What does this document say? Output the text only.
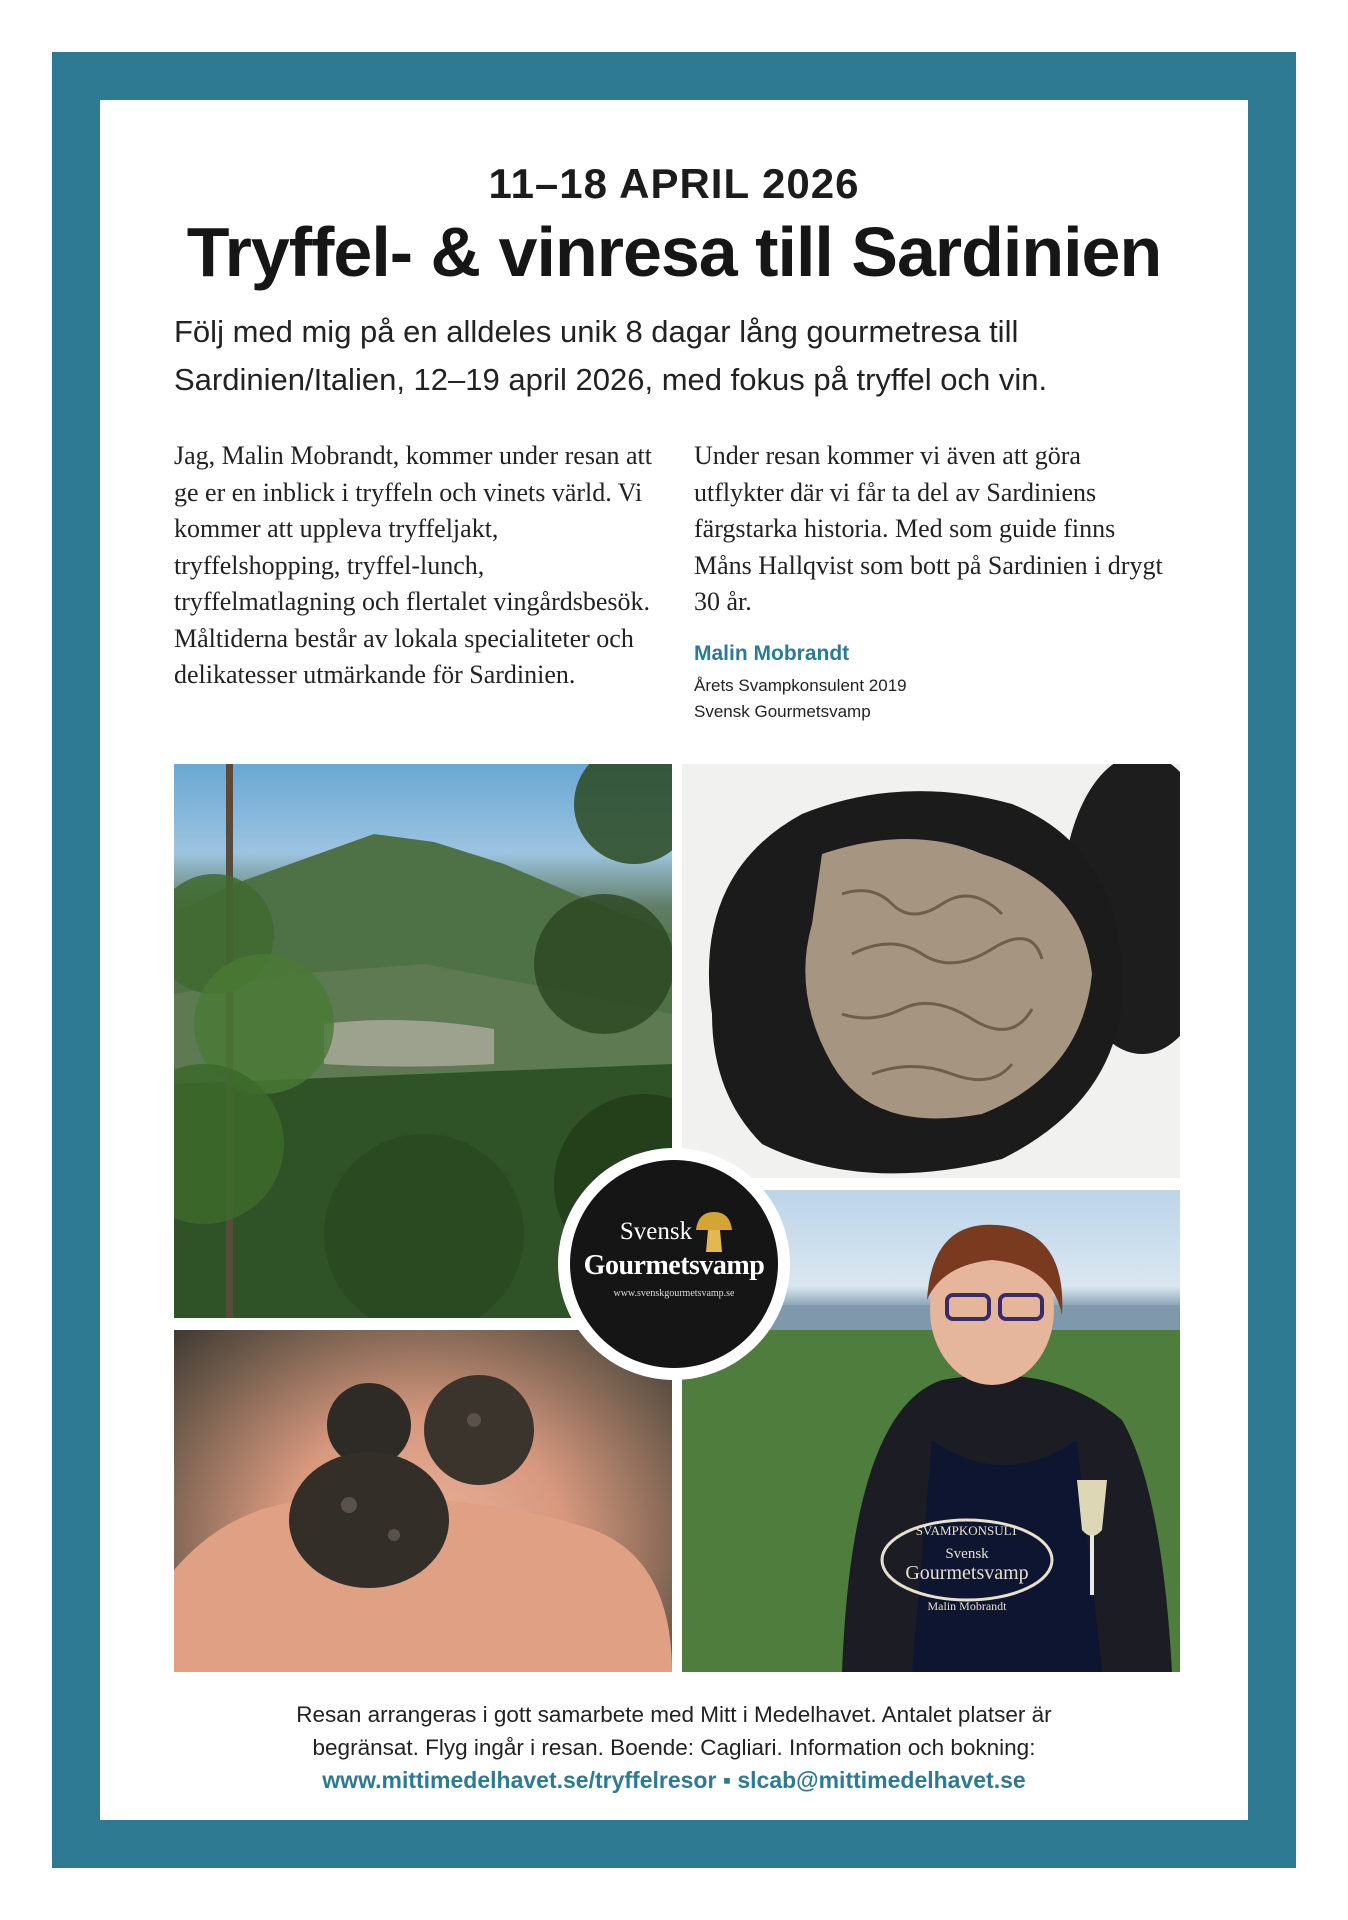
11–18 APRIL 2026
Tryffel- & vinresa till Sardinien
Följ med mig på en alldeles unik 8 dagar lång gourmetresa till Sardinien/Italien, 12–19 april 2026, med fokus på tryffel och vin.
Jag, Malin Mobrandt, kommer under resan att ge er en inblick i tryffeln och vinets värld. Vi kommer att uppleva tryffeljakt, tryffelshopping, tryffel-lunch, tryffelmatlagning och flertalet vingårdsbesök. Måltiderna består av lokala specialiteter och delikatesser utmärkande för Sardinien.
Under resan kommer vi även att göra utflykter där vi får ta del av Sardiniens färgstarka historia. Med som guide finns Måns Hallqvist som bott på Sardinien i drygt 30 år.
Malin Mobrandt
Årets Svampkonsulent 2019
Svensk Gourmetsvamp
SVAMPKONSULT
Svensk
Gourmetsvamp
Malin Mobrandt
Svensk
Gourmetsvamp
www.svenskgourmetsvamp.se
Resan arrangeras i gott samarbete med Mitt i Medelhavet. Antalet platser är
begränsat. Flyg ingår i resan. Boende: Cagliari. Information och bokning:
www.mittimedelhavet.se/tryffelresor ▪ slcab@mittimedelhavet.se
